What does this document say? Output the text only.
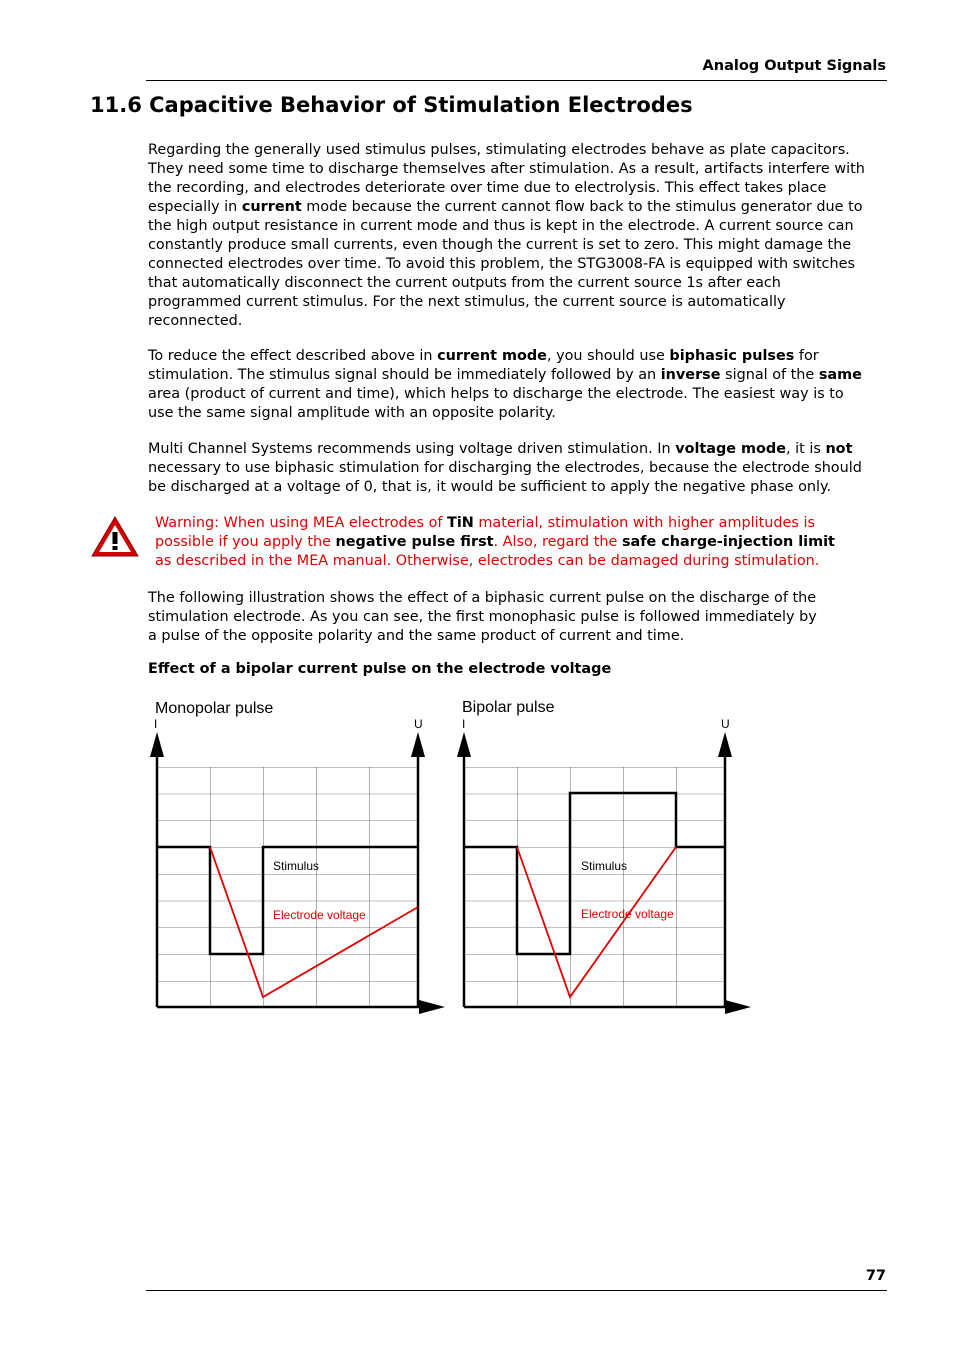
Analog Output Signals
11.6 Capacitive Behavior of Stimulation Electrodes
Regarding the generally used stimulus pulses, stimulating electrodes behave as plate capacitors.
They need some time to discharge themselves after stimulation. As a result, artifacts interfere with
the recording, and electrodes deteriorate over time due to electrolysis. This effect takes place
especially in current mode because the current cannot flow back to the stimulus generator due to
the high output resistance in current mode and thus is kept in the electrode. A current source can
constantly produce small currents, even though the current is set to zero. This might damage the
connected electrodes over time. To avoid this problem, the STG3008-FA is equipped with switches
that automatically disconnect the current outputs from the current source 1s after each
programmed current stimulus. For the next stimulus, the current source is automatically
reconnected.
To reduce the effect described above in current mode, you should use biphasic pulses for
stimulation. The stimulus signal should be immediately followed by an inverse signal of the same
area (product of current and time), which helps to discharge the electrode. The easiest way is to
use the same signal amplitude with an opposite polarity.
Multi Channel Systems recommends using voltage driven stimulation. In voltage mode, it is not
necessary to use biphasic stimulation for discharging the electrodes, because the electrode should
be discharged at a voltage of 0, that is, it would be sufficient to apply the negative phase only.
Warning: When using MEA electrodes of TiN material, stimulation with higher amplitudes is
possible if you apply the negative pulse first. Also, regard the safe charge-injection limit
as described in the MEA manual. Otherwise, electrodes can be damaged during stimulation.
The following illustration shows the effect of a biphasic current pulse on the discharge of the
stimulation electrode. As you can see, the first monophasic pulse is followed immediately by
a pulse of the opposite polarity and the same product of current and time.
Effect of a bipolar current pulse on the electrode voltage
Monopolar pulse
I	U
Stimulus
Electrode voltage
Bipolar pulse
I	U
Stimulus
Electrode voltage
77
